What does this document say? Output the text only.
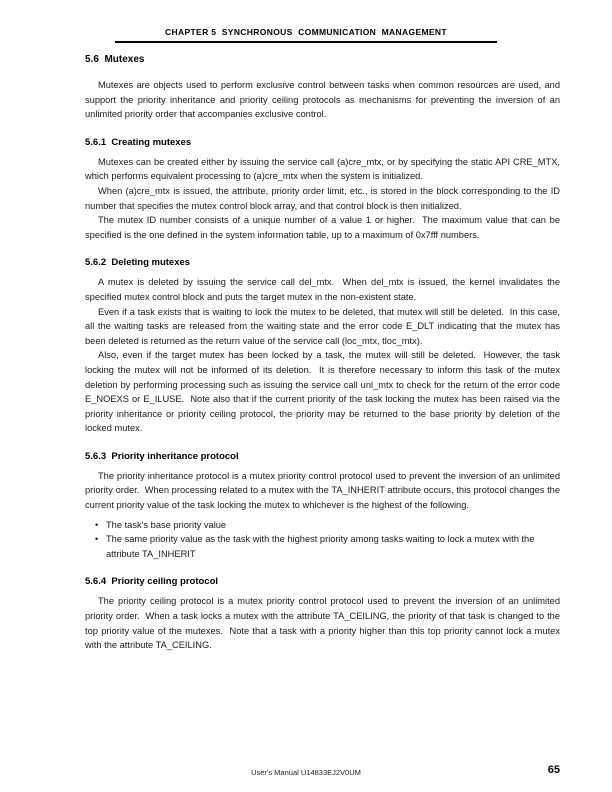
CHAPTER 5  SYNCHRONOUS  COMMUNICATION  MANAGEMENT
5.6  Mutexes

Mutexes are objects used to perform exclusive control between tasks when common resources are used, and support the priority inheritance and priority ceiling protocols as mechanisms for preventing the inversion of an unlimited priority order that accompanies exclusive control.

5.6.1  Creating mutexes

Mutexes can be created either by issuing the service call (a)cre_mtx, or by specifying the static API CRE_MTX, which performs equivalent processing to (a)cre_mtx when the system is initialized.

When (a)cre_mtx is issued, the attribute, priority order limit, etc., is stored in the block corresponding to the ID number that specifies the mutex control block array, and that control block is then initialized.

The mutex ID number consists of a unique number of a value 1 or higher.  The maximum value that can be specified is the one defined in the system information table, up to a maximum of 0x7fff numbers.

5.6.2  Deleting mutexes

A mutex is deleted by issuing the service call del_mtx.  When del_mtx is issued, the kernel invalidates the specified mutex control block and puts the target mutex in the non-existent state.

Even if a task exists that is waiting to lock the mutex to be deleted, that mutex will still be deleted.  In this case, all the waiting tasks are released from the waiting state and the error code E_DLT indicating that the mutex has been deleted is returned as the return value of the service call (loc_mtx, tloc_mtx).

Also, even if the target mutex has been locked by a task, the mutex will still be deleted.  However, the task locking the mutex will not be informed of its deletion.  It is therefore necessary to inform this task of the mutex deletion by performing processing such as issuing the service call unl_mtx to check for the return of the error code E_NOEXS or E_ILUSE.  Note also that if the current priority of the task locking the mutex has been raised via the priority inheritance or priority ceiling protocol, the priority may be returned to the base priority by deletion of the locked mutex.

5.6.3  Priority inheritance protocol

The priority inheritance protocol is a mutex priority control protocol used to prevent the inversion of an unlimited priority order.  When processing related to a mutex with the TA_INHERIT attribute occurs, this protocol changes the current priority value of the task locking the mutex to whichever is the highest of the following.

• The task's base priority value
• The same priority value as the task with the highest priority among tasks waiting to lock a mutex with the attribute TA_INHERIT
5.6.4  Priority ceiling protocol

The priority ceiling protocol is a mutex priority control protocol used to prevent the inversion of an unlimited priority order.  When a task locks a mutex with the attribute TA_CEILING, the priority of that task is changed to the top priority value of the mutexes.  Note that a task with a priority higher than this top priority cannot lock a mutex with the attribute TA_CEILING.

User's Manual U14833EJ2V0UM	65
